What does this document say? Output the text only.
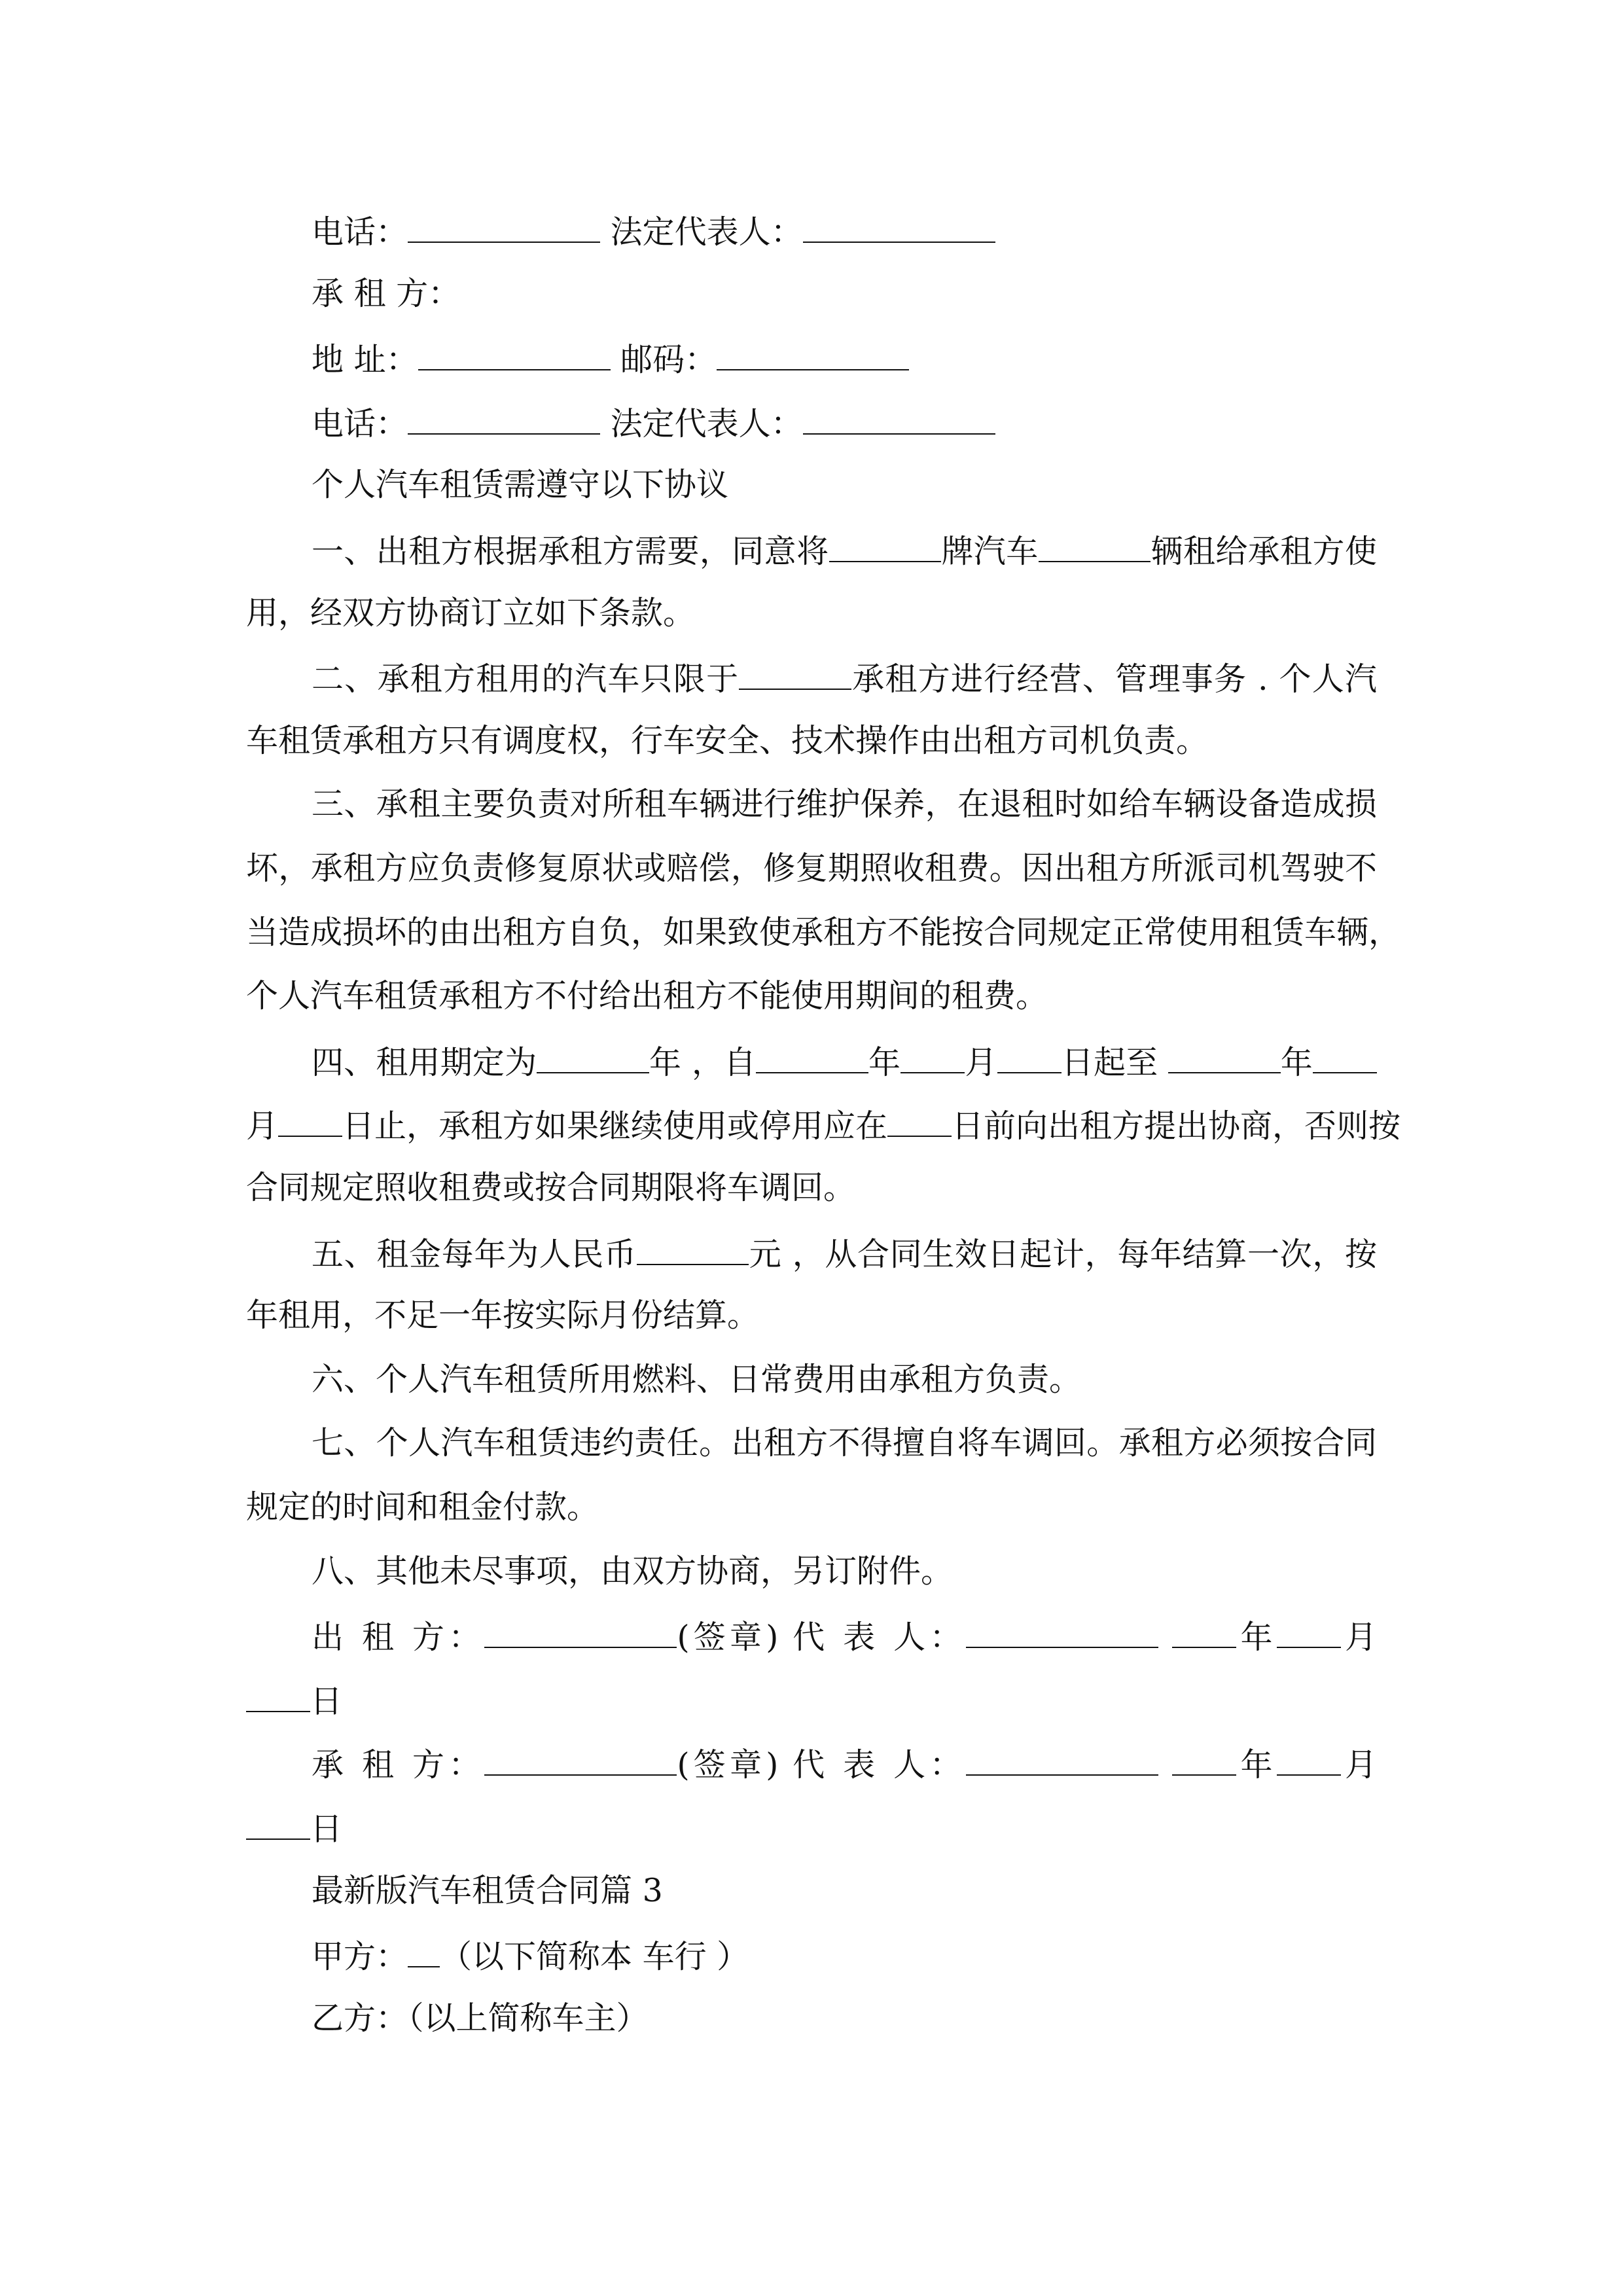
电话：	法定代表人：
承 租 方：
地 址：	邮码：
电话：	法定代表人：
个人汽车租赁需遵守以下协议
一、出租方根据承租方需要，同意将	牌汽车	辆租给承租方使
用，经双方协商订立如下条款。
二、承租方租用的汽车只限于	承租方进行经营、管理事务 . 个人汽
车租赁承租方只有调度权，行车安全、技术操作由出租方司机负责。
三、承租主要负责对所租车辆进行维护保养，在退租时如给车辆设备造成损
坏，承租方应负责修复原状或赔偿，修复期照收租费。因出租方所派司机驾驶不
当造成损坏的由出租方自负，如果致使承租方不能按合同规定正常使用租赁车辆，
个人汽车租赁承租方不付给出租方不能使用期间的租费。
四、租用期定为	年 ，自	年 月 日起至	年
月 日止，承租方如果继续使用或停用应在 日前向出租方提出协商，否则按
合同规定照收租费或按合同期限将车调回。
五、租金每年为人民币	元 ，从合同生效日起计，每年结算一次，按
年租用，不足一年按实际月份结算。
六、个人汽车租赁所用燃料、日常费用由承租方负责。
七、个人汽车租赁违约责任。出租方不得擅自将车调回。承租方必须按合同
规定的时间和租金付款。
八、其他未尽事项，由双方协商，另订附件。
出 租 方：	(签章) 代 表 人：	年 月
日
承 租 方：	(签章) 代 表 人：	年 月
日
最新版汽车租赁合同篇 3
甲方： （以下简称本 车行 ）
乙方：（以上简称车主）
